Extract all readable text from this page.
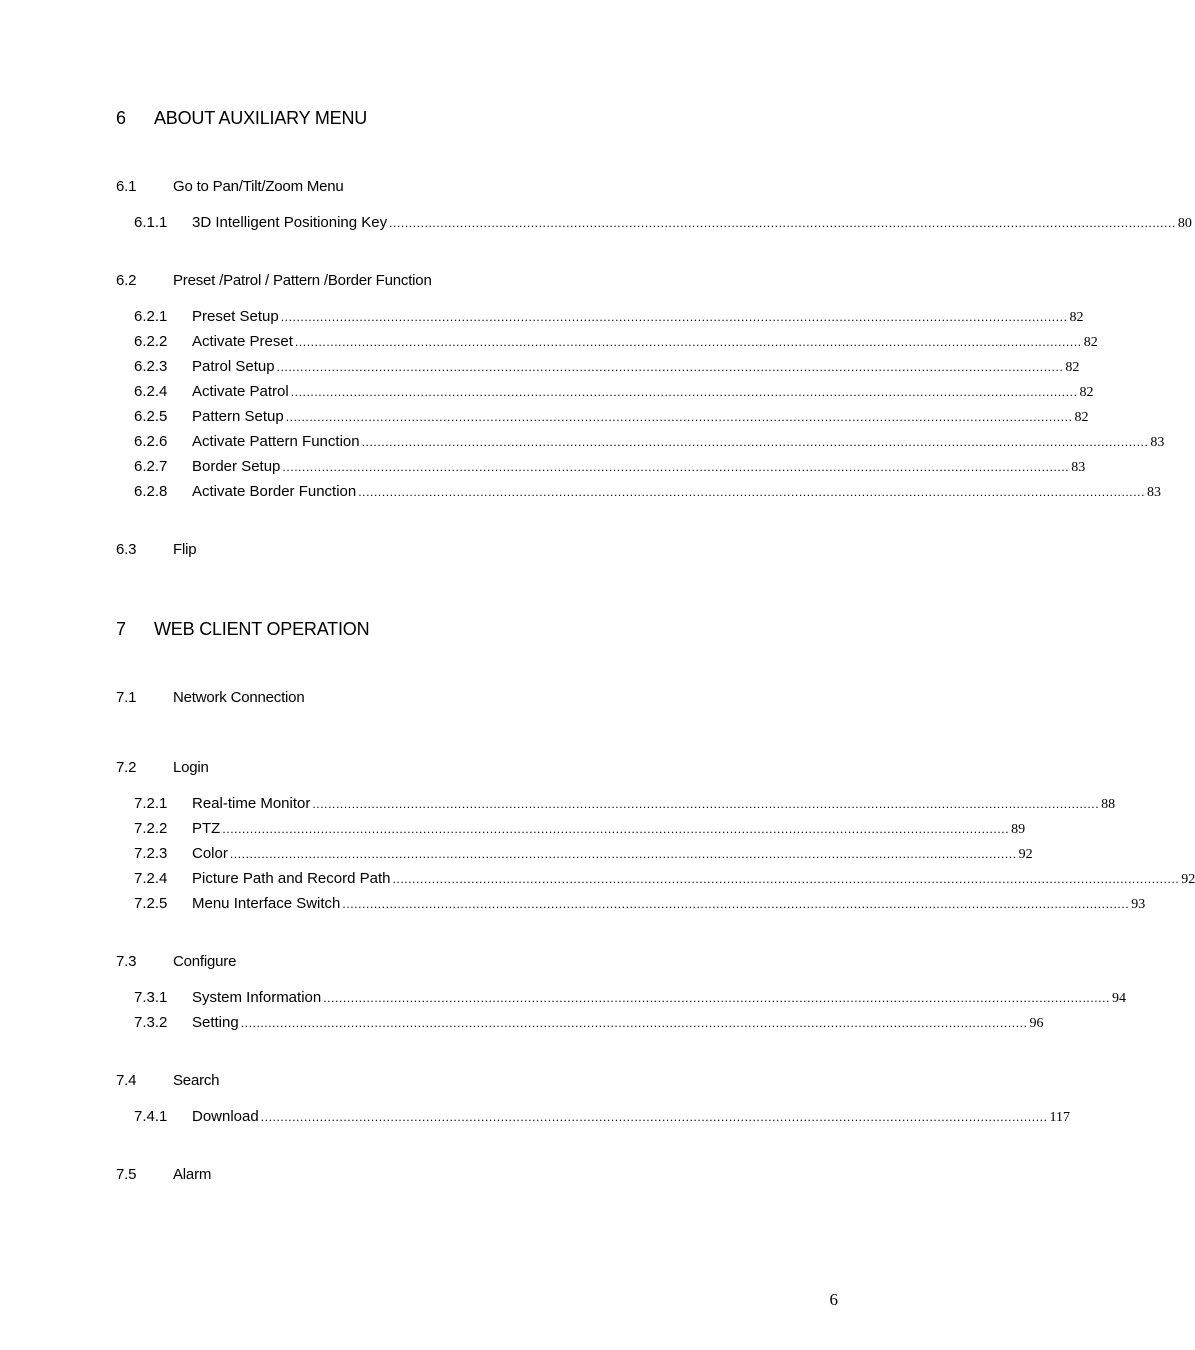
6 ABOUT AUXILIARY MENU
6.1 Go to Pan/Tilt/Zoom Menu
6.1.1	3D Intelligent Positioning Key ........................................................................................................................................................................................................ 80
6.2 Preset /Patrol / Pattern /Border Function
6.2.1	Preset Setup ........................................................................................................................................................................................................ 82
6.2.2	Activate Preset ........................................................................................................................................................................................................ 82
6.2.3	Patrol Setup ........................................................................................................................................................................................................ 82
6.2.4	Activate Patrol ........................................................................................................................................................................................................ 82
6.2.5	Pattern Setup ........................................................................................................................................................................................................ 82
6.2.6	Activate Pattern Function ........................................................................................................................................................................................................ 83
6.2.7	Border Setup ........................................................................................................................................................................................................ 83
6.2.8	Activate Border Function ........................................................................................................................................................................................................ 83
6.3 Flip
7 WEB CLIENT OPERATION
7.1 Network Connection
7.2 Login
7.2.1	Real-time Monitor ........................................................................................................................................................................................................ 88
7.2.2	PTZ ........................................................................................................................................................................................................ 89
7.2.3	Color ........................................................................................................................................................................................................ 92
7.2.4	Picture Path and Record Path ........................................................................................................................................................................................................ 92
7.2.5	Menu Interface Switch ........................................................................................................................................................................................................ 93
7.3 Configure
7.3.1	System Information ........................................................................................................................................................................................................ 94
7.3.2	Setting ........................................................................................................................................................................................................ 96
7.4 Search
7.4.1	Download ........................................................................................................................................................................................................ 117
7.5 Alarm
6
